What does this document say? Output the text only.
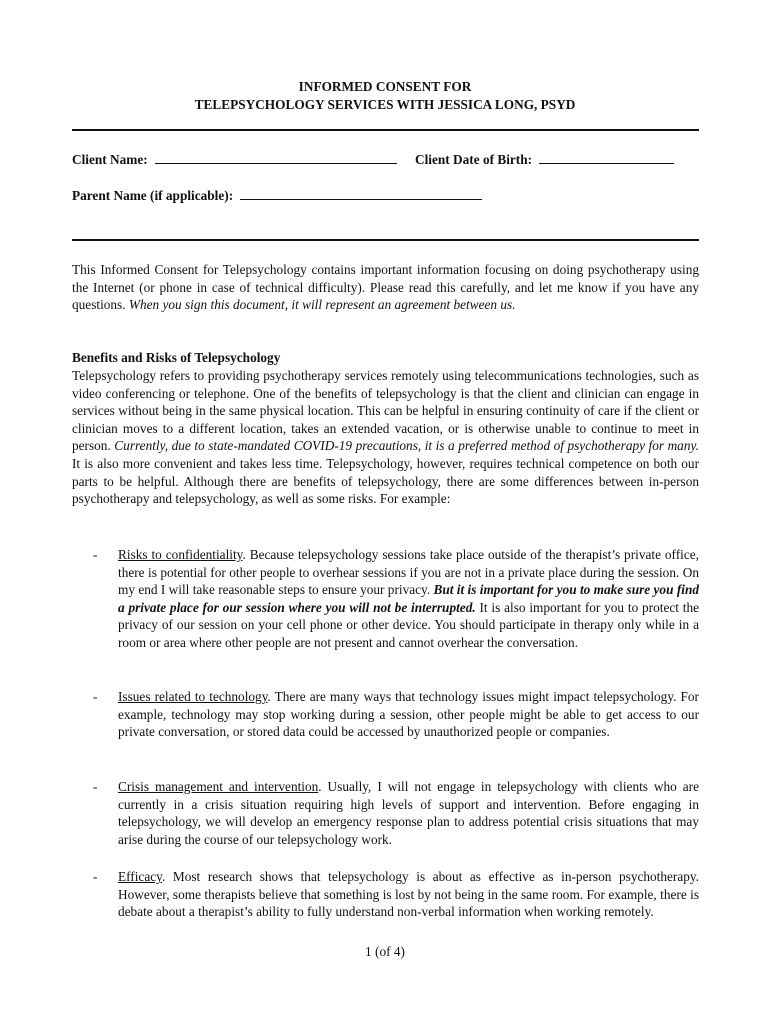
INFORMED CONSENT FOR
TELEPSYCHOLOGY SERVICES WITH JESSICA LONG, PSYD
Client Name:	Client Date of Birth:
Parent Name (if applicable):
This Informed Consent for Telepsychology contains important information focusing on doing psychotherapy using the Internet (or phone in case of technical difficulty). Please read this carefully, and let me know if you have any questions. When you sign this document, it will represent an agreement between us.
Benefits and Risks of Telepsychology
Telepsychology refers to providing psychotherapy services remotely using telecommunications technologies, such as video conferencing or telephone. One of the benefits of telepsychology is that the client and clinician can engage in services without being in the same physical location. This can be helpful in ensuring continuity of care if the client or clinician moves to a different location, takes an extended vacation, or is otherwise unable to continue to meet in person. Currently, due to state-mandated COVID-19 precautions, it is a preferred method of psychotherapy for many. It is also more convenient and takes less time. Telepsychology, however, requires technical competence on both our parts to be helpful. Although there are benefits of telepsychology, there are some differences between in-person psychotherapy and telepsychology, as well as some risks. For example:
- Risks to confidentiality. Because telepsychology sessions take place outside of the therapist’s private office, there is potential for other people to overhear sessions if you are not in a private place during the session. On my end I will take reasonable steps to ensure your privacy. But it is important for you to make sure you find a private place for our session where you will not be interrupted. It is also important for you to protect the privacy of our session on your cell phone or other device. You should participate in therapy only while in a room or area where other people are not present and cannot overhear the conversation.
- Issues related to technology. There are many ways that technology issues might impact telepsychology. For example, technology may stop working during a session, other people might be able to get access to our private conversation, or stored data could be accessed by unauthorized people or companies.
- Crisis management and intervention. Usually, I will not engage in telepsychology with clients who are currently in a crisis situation requiring high levels of support and intervention. Before engaging in telepsychology, we will develop an emergency response plan to address potential crisis situations that may arise during the course of our telepsychology work.
- Efficacy. Most research shows that telepsychology is about as effective as in-person psychotherapy. However, some therapists believe that something is lost by not being in the same room. For example, there is debate about a therapist’s ability to fully understand non-verbal information when working remotely.
1 (of 4)
